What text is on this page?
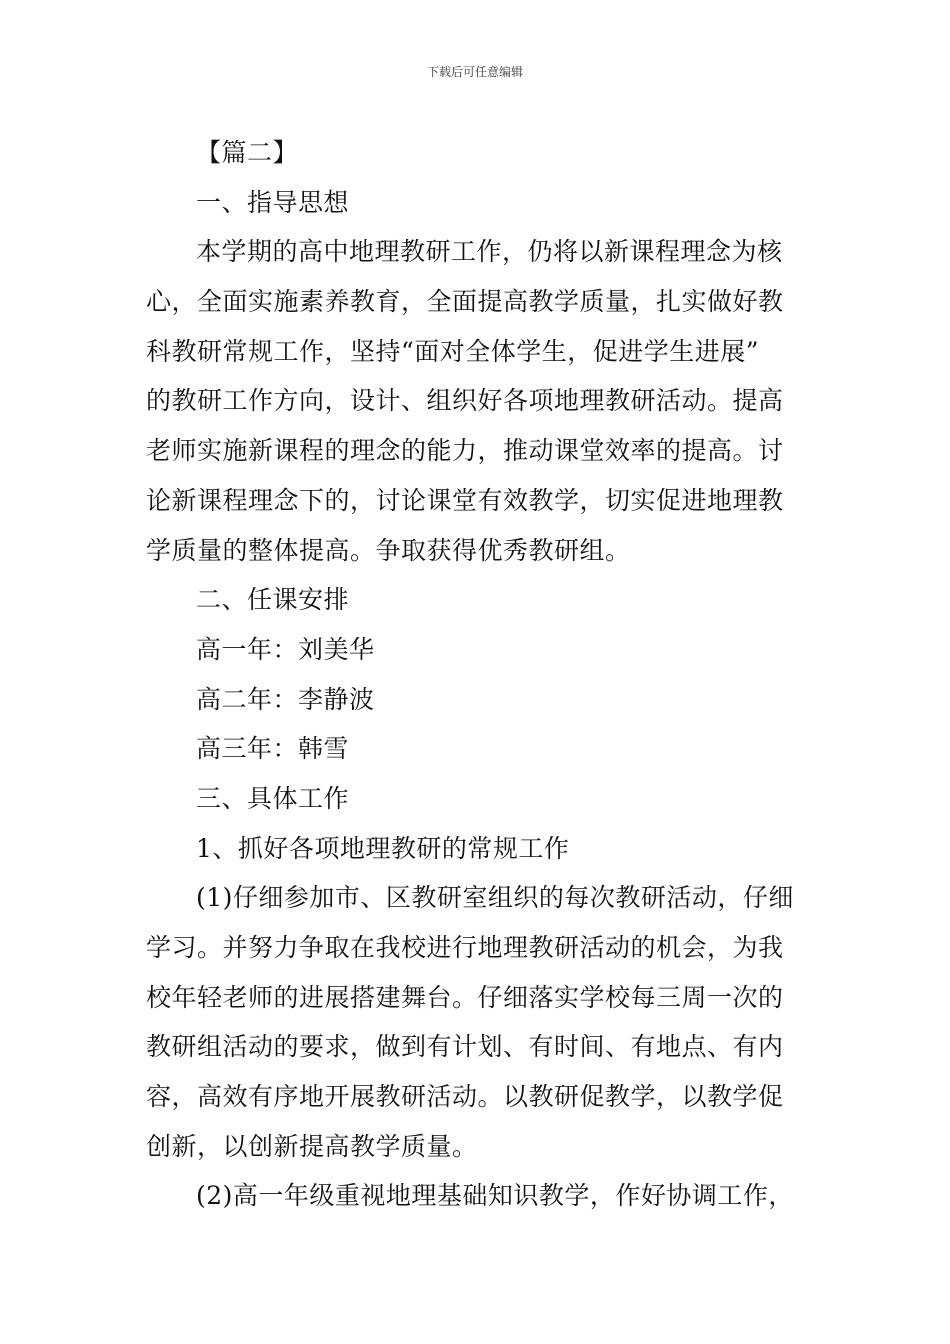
下载后可任意编辑
【篇二】
一、指导思想
本学期的高中地理教研工作，仍将以新课程理念为核
心，全面实施素养教育，全面提高教学质量，扎实做好教
科教研常规工作，坚持“面对全体学生，促进学生进展”
的教研工作方向，设计、组织好各项地理教研活动。提高
老师实施新课程的理念的能力，推动课堂效率的提高。讨
论新课程理念下的，讨论课堂有效教学，切实促进地理教
学质量的整体提高。争取获得优秀教研组。
二、任课安排
高一年：刘美华
高二年：李静波
高三年：韩雪
三、具体工作
1、抓好各项地理教研的常规工作
(1)仔细参加市、区教研室组织的每次教研活动，仔细
学习。并努力争取在我校进行地理教研活动的机会，为我
校年轻老师的进展搭建舞台。仔细落实学校每三周一次的
教研组活动的要求，做到有计划、有时间、有地点、有内
容，高效有序地开展教研活动。以教研促教学，以教学促
创新，以创新提高教学质量。
(2)高一年级重视地理基础知识教学，作好协调工作，
